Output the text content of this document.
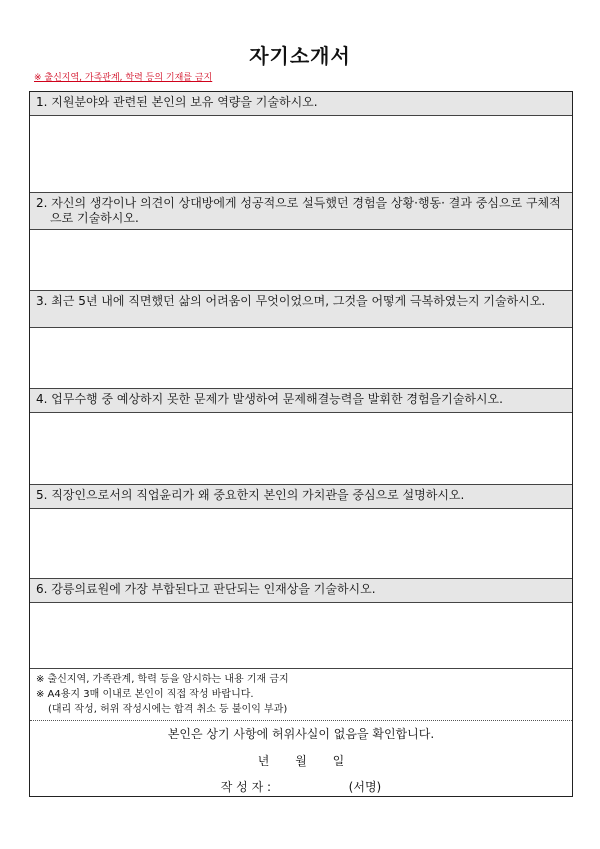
자기소개서
※ 출신지역, 가족관계, 학력 등의 기재를 금지
1. 지원분야와 관련된 본인의 보유 역량을 기술하시오.
2. 자신의 생각이나 의견이 상대방에게 성공적으로 설득했던 경험을 상황·행동· 결과 중심으로 구체적으로 기술하시오.
3. 최근 5년 내에 직면했던 삶의 어려움이 무엇이었으며, 그것을 어떻게 극복하였는지 기술하시오.
4. 업무수행 중 예상하지 못한 문제가 발생하여 문제해결능력을 발휘한 경험을기술하시오.
5. 직장인으로서의 직업윤리가 왜 중요한지 본인의 가치관을 중심으로 설명하시오.
6. 강릉의료원에 가장 부합된다고 판단되는 인재상을 기술하시오.
※ 출신지역, 가족관계, 학력 등을 암시하는 내용 기재 금지
※ A4용지 3매 이내로 본인이 직접 작성 바랍니다.
(대리 작성, 허위 작성시에는 합격 취소 등 불이익 부과)
본인은 상기 사항에 허위사실이 없음을 확인합니다.
년 월 일
작 성 자 :	(서명)
